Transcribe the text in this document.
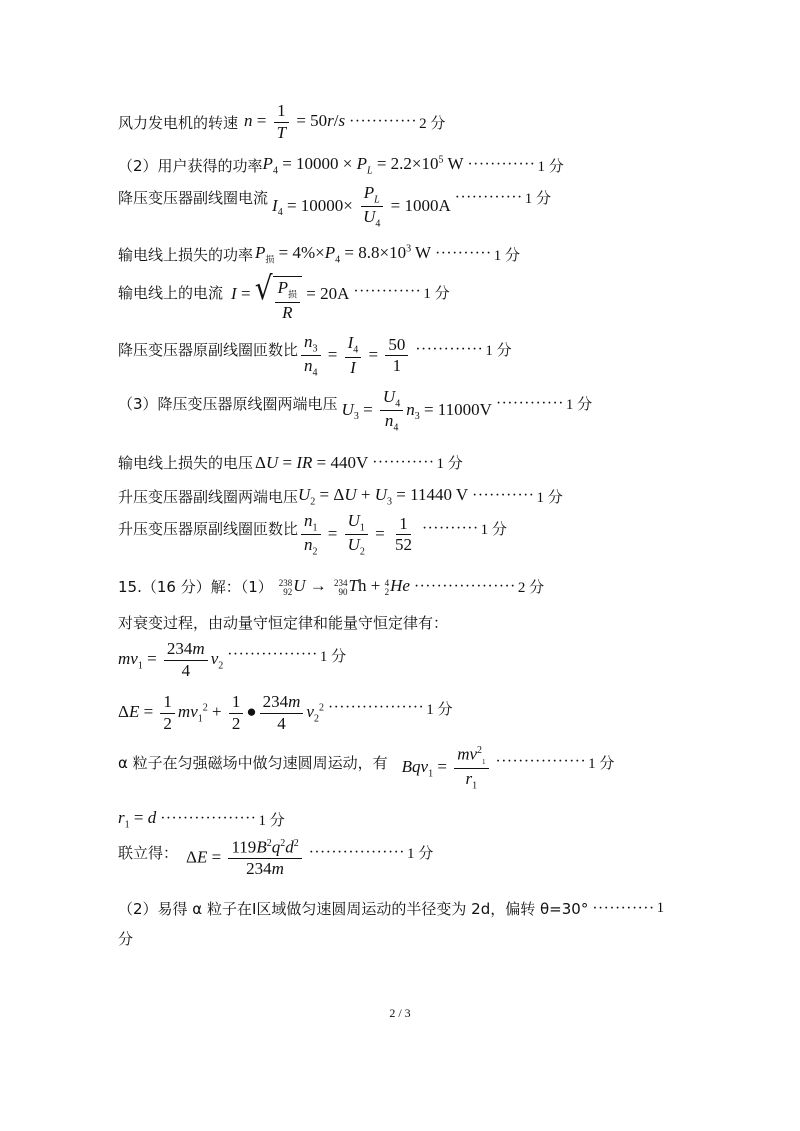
风力发电机的转速 $n = \frac{1}{T} = 50r/s$ ············ 2 分
（2）用户获得的功率 $P_4 = 10000 \times P_L = 2.2\times 10^5$ W ············ 1 分
降压变压器副线圈电流 $I_4 = 10000\times \frac{P_L}{U_4} = 1000A$ ············ 1 分
输电线上损失的功率 $P_损 = 4\%\times P_4 = 8.8\times 10^3$ W ·········· 1 分
输电线上的电流 I = √ $\frac{P_损}{R} = 20A$ ············ 1 分
降压变压器原副线圈匝数比 $\frac{n_3}{n_4} = \frac{I_4}{I} = \frac{50}{1}$ ············ 1 分
（3）降压变压器原线圈两端电压 $U_3 = \frac{U_4}{n_4} n_3 = 11000V$ ············ 1 分
输电线上损失的电压 ΔU = IR = 440V ··········· 1 分
升压变压器副线圈两端电压 $U_2 = \Delta U + U_3 = 11440$ V ··········· 1 分
升压变压器原副线圈匝数比 $\frac{n_1}{n_2} = \frac{U_1}{U_2} = \frac{1}{52}$ ·········· 1 分
15.（16 分）解：（1） 238
92 U → 234
90 Th + 4
2 He ·················· 2 分
对衰变过程，由动量守恒定律和能量守恒定律有：
$mv_1 = \frac{234m}{4} v_2$
················ 1 分
$\Delta E = \frac{1}{2} mv_1^2 + \frac{1}{2}$ ● $\frac{234m}{4} v_2^2$ ················· 1 分
α 粒子在匀强磁场中做匀速圆周运动，有 $Bqv_1 = \frac{mv^2_1}{r_1}$ ················ 1 分
$r_1 = d$ ················· 1 分
联立得： $\Delta E = \frac{119B^2q^2d^2}{234m}$ ················· 1 分
（2）易得 α 粒子在Ⅰ区域做匀速圆周运动的半径变为 2d，偏转 θ=30° ··········· 1
分
2 / 3
